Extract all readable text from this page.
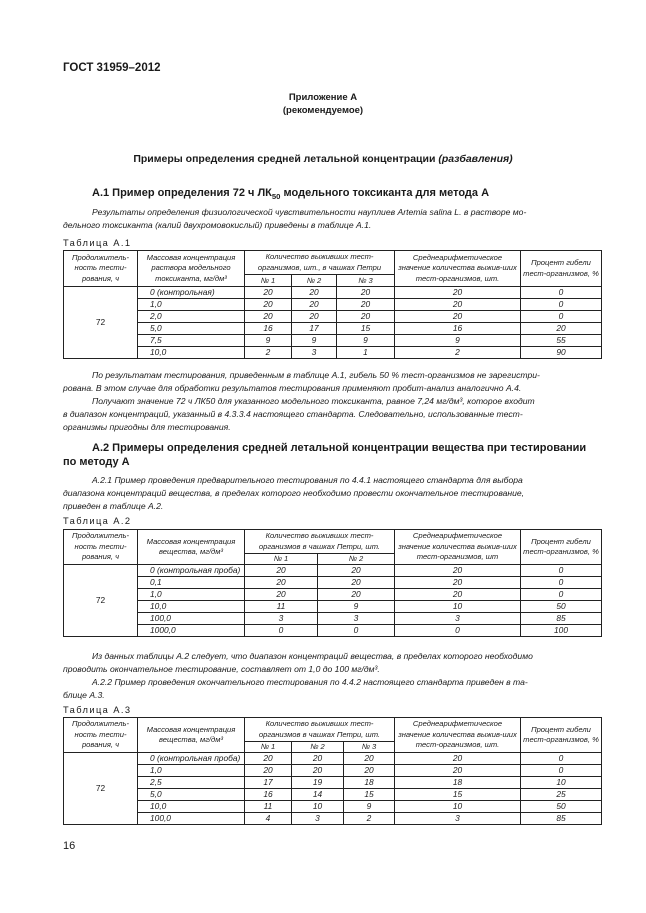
ГОСТ 31959–2012
Приложение А
(рекомендуемое)
Примеры определения средней летальной концентрации (разбавления)
А.1 Пример определения 72 ч $ЛК_{50}$ модельного токсиканта для метода А
Результаты определения физиологической чувствительности науплиев Artemia salina L. в растворе мо-
дельного токсиканта (калий двухромовокислый) приведены в таблице А.1.
Таблица А.1
Продолжитель-ность тести-рования, ч	Массовая концентрация раствора модельного токсиканта, мг/дм³	Количество выживших тест-организмов, шт., в чашках Петри			Среднеарифметическое значение количества выжив-ших тест-организмов, шт.	Процент гибели тест-организмов, %
		№ 1	№ 2	№ 3		
72	0 (контрольная)	20	20	20	20	0
	1,0	20	20	20	20	0
	2,0	20	20	20	20	0
	5,0	16	17	15	16	20
	7,5	9	9	9	9	55
	10,0	2	3	1	2	90
По результатам тестирования, приведенным в таблице А.1, гибель 50 % тест-организмов не зарегистри-
рована. В этом случае для обработки результатов тестирования применяют пробит-анализ аналогично А.4.
Получают значение 72 ч ЛК50 для указанного модельного токсиканта, равное 7,24 мг/дм³, которое входит
в диапазон концентраций, указанный в 4.3.3.4 настоящего стандарта. Следовательно, использованные тест-
организмы пригодны для тестирования.
А.2 Примеры определения средней летальной концентрации вещества при тестировании
по методу А
А.2.1 Пример проведения предварительного тестирования по 4.4.1 настоящего стандарта для выбора
диапазона концентраций вещества, в пределах которого необходимо провести окончательное тестирование,
приведен в таблице А.2.
Таблица А.2
Продолжитель-ность тести-рования, ч	Массовая концентрация вещества, мг/дм³	Количество выживших тест-организмов в чашках Петри, шт.		Среднеарифметическое значение количества выжив-ших тест-организмов, шт	Процент гибели тест-организмов, %
		№ 1	№ 2		
72	0 (контрольная проба)	20	20	20	0
	0,1	20	20	20	0
	1,0	20	20	20	0
	10,0	11	9	10	50
	100,0	3	3	3	85
	1000,0	0	0	0	100
Из данных таблицы А.2 следует, что диапазон концентраций вещества, в пределах которого необходимо
проводить окончательное тестирование, составляет от 1,0 до 100 мг/дм³.
А.2.2 Пример проведения окончательного тестирования по 4.4.2 настоящего стандарта приведен в та-
блице А.3.
Таблица А.3
Продолжитель-ность тести-рования, ч	Массовая концентрация вещества, мг/дм³	Количество выживших тест-организмов в чашках Петри, шт.			Среднеарифметическое значение количества выжив-ших тест-организмов, шт.	Процент гибели тест-организмов, %
		№ 1	№ 2	№ 3		
72	0 (контрольная проба)	20	20	20	20	0
	1,0	20	20	20	20	0
	2,5	17	19	18	18	10
	5,0	16	14	15	15	25
	10,0	11	10	9	10	50
	100,0	4	3	2	3	85
16
